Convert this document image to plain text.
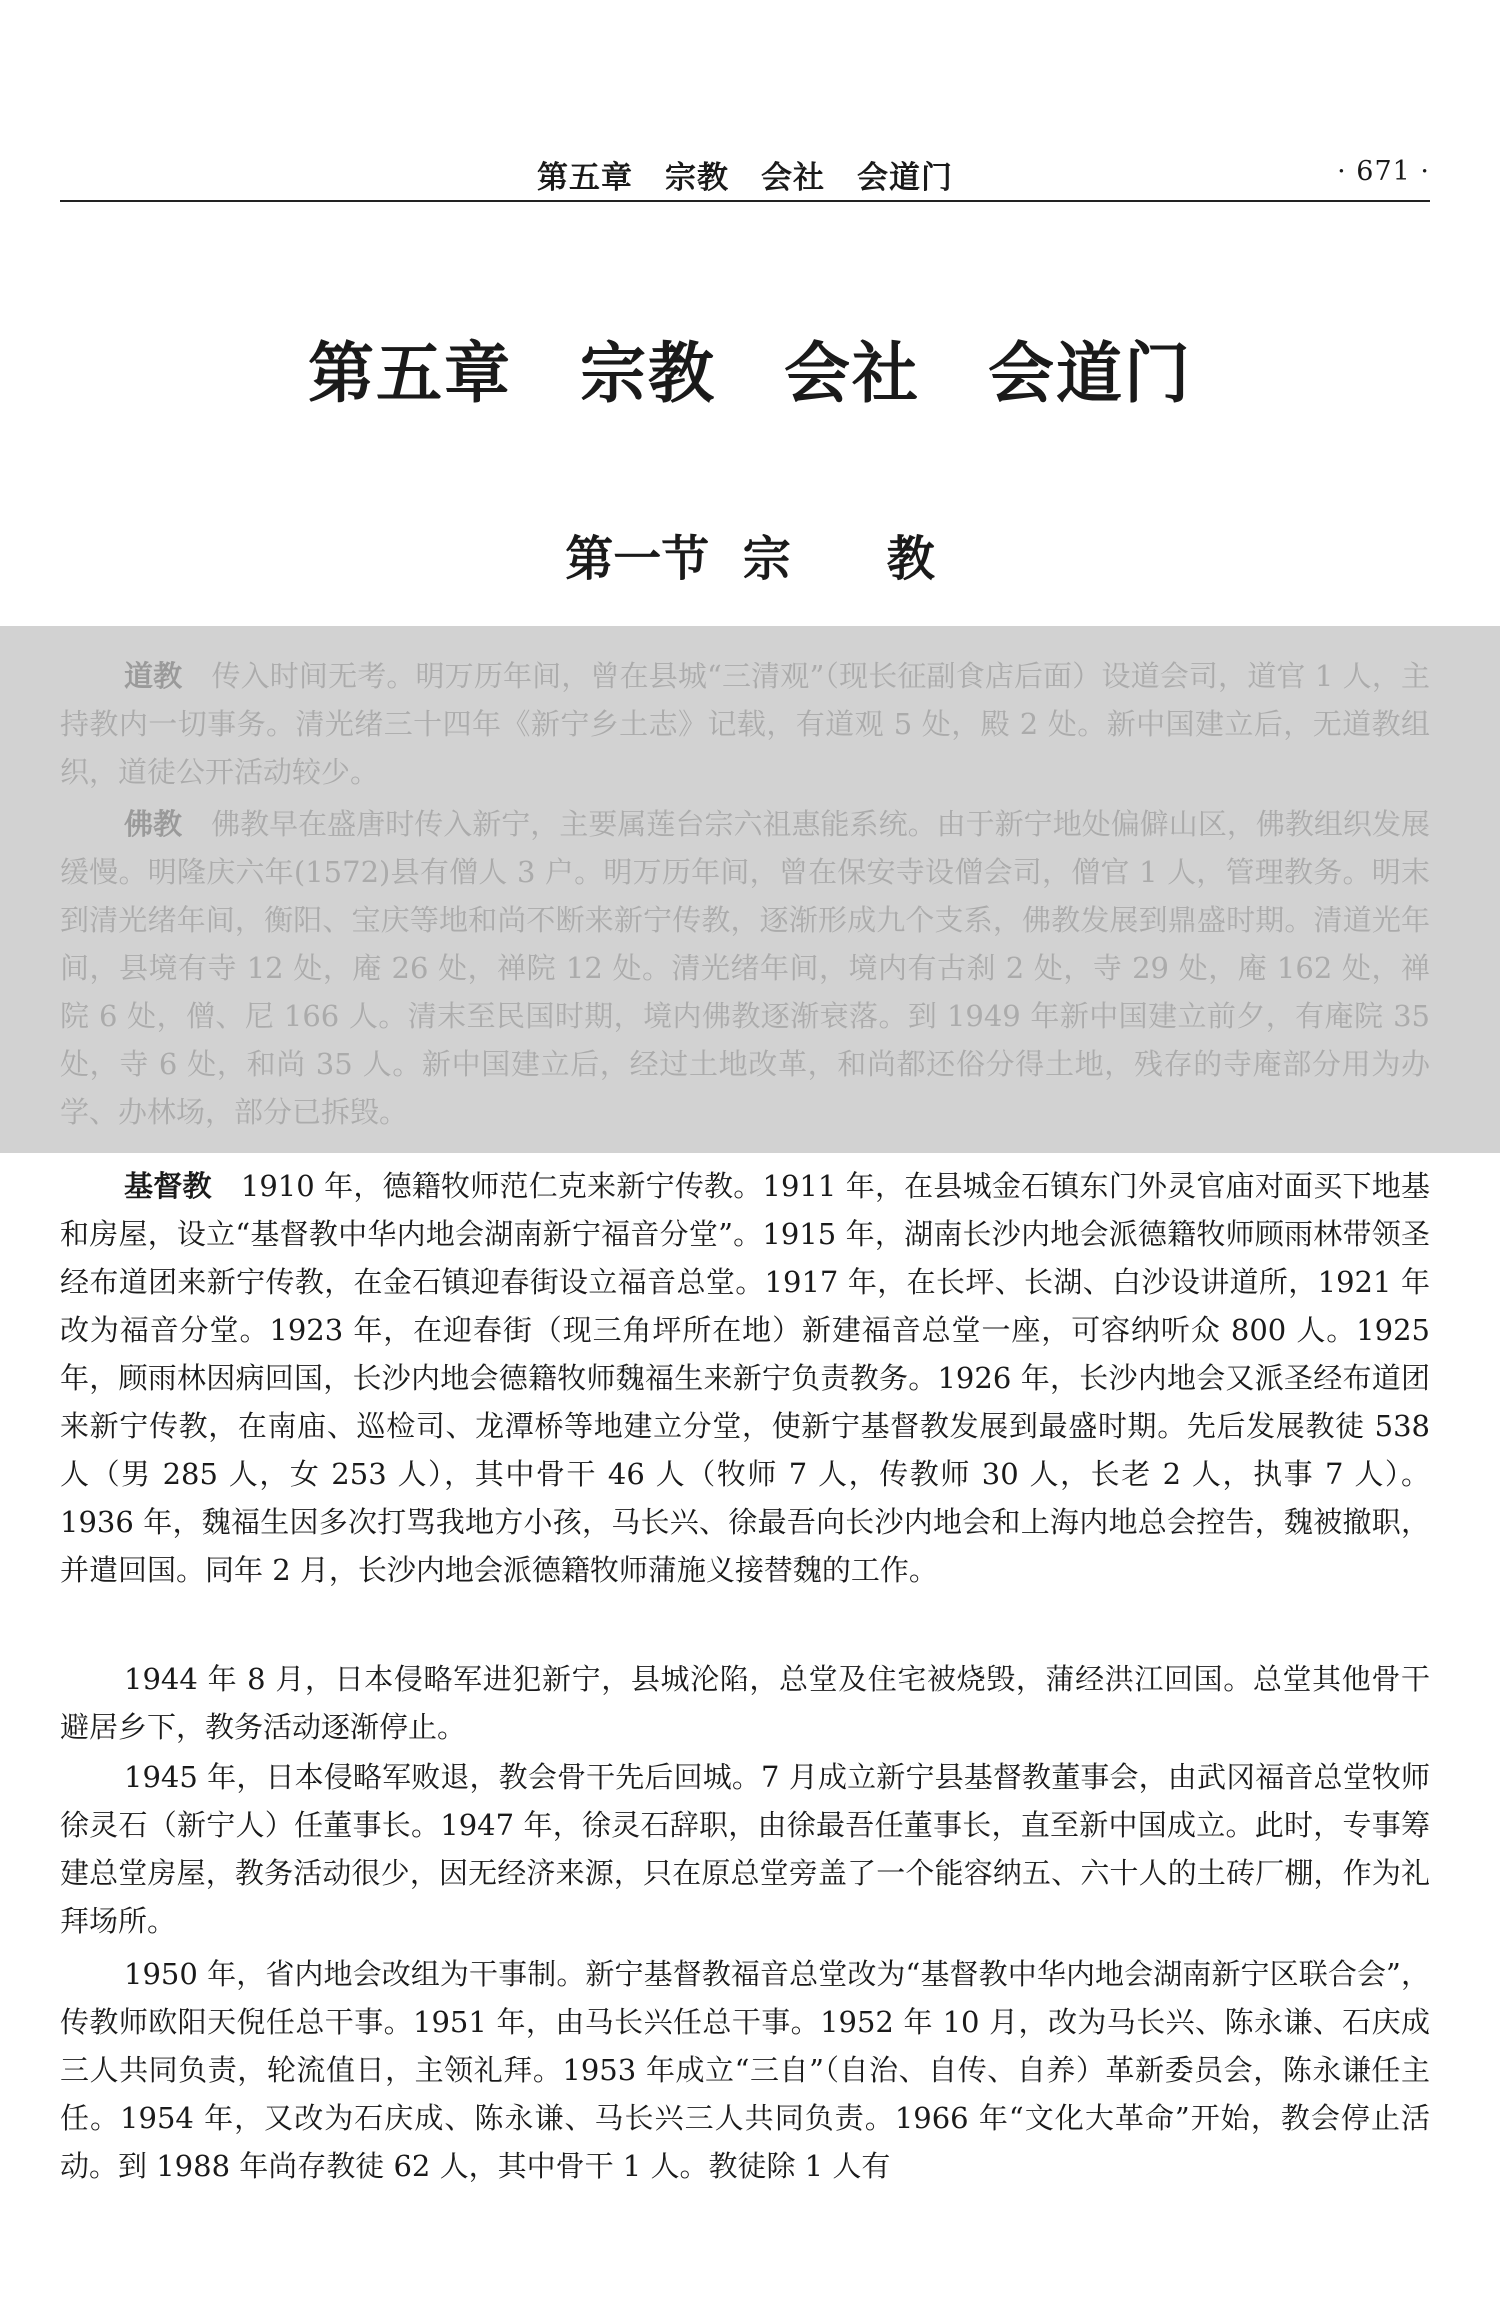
第五章　宗教　会社　会道门	· 671 ·
第五章　宗教　会社　会道门
第一节  宗　　教

道教　传入时间无考。明万历年间，曾在县城“三清观”（现长征副食店后面）设道会司，道官 1 人，主持教内一切事务。清光绪三十四年《新宁乡土志》记载，有道观 5 处，殿 2 处。新中国建立后，无道教组织，道徒公开活动较少。

佛教　佛教早在盛唐时传入新宁，主要属莲台宗六祖惠能系统。由于新宁地处偏僻山区，佛教组织发展缓慢。明隆庆六年(1572)县有僧人 3 户。明万历年间，曾在保安寺设僧会司，僧官 1 人，管理教务。明末到清光绪年间，衡阳、宝庆等地和尚不断来新宁传教，逐渐形成九个支系，佛教发展到鼎盛时期。清道光年间，县境有寺 12 处，庵 26 处，禅院 12 处。清光绪年间，境内有古刹 2 处，寺 29 处，庵 162 处，禅院 6 处，僧、尼 166 人。清末至民国时期，境内佛教逐渐衰落。到 1949 年新中国建立前夕，有庵院 35 处，寺 6 处，和尚 35 人。新中国建立后，经过土地改革，和尚都还俗分得土地，残存的寺庵部分用为办学、办林场，部分已拆毁。

基督教　1910 年，德籍牧师范仁克来新宁传教。1911 年，在县城金石镇东门外灵官庙对面买下地基和房屋，设立“基督教中华内地会湖南新宁福音分堂”。1915 年，湖南长沙内地会派德籍牧师顾雨林带领圣经布道团来新宁传教，在金石镇迎春街设立福音总堂。1917 年，在长坪、长湖、白沙设讲道所，1921 年改为福音分堂。1923 年，在迎春街（现三角坪所在地）新建福音总堂一座，可容纳听众 800 人。1925 年，顾雨林因病回国，长沙内地会德籍牧师魏福生来新宁负责教务。1926 年，长沙内地会又派圣经布道团来新宁传教，在南庙、巡检司、龙潭桥等地建立分堂，使新宁基督教发展到最盛时期。先后发展教徒 538 人（男 285 人，女 253 人），其中骨干 46 人（牧师 7 人，传教师 30 人，长老 2 人，执事 7 人）。1936 年，魏福生因多次打骂我地方小孩，马长兴、徐最吾向长沙内地会和上海内地总会控告，魏被撤职，并遣回国。同年 2 月，长沙内地会派德籍牧师蒲施义接替魏的工作。

1944 年 8 月，日本侵略军进犯新宁，县城沦陷，总堂及住宅被烧毁，蒲经洪江回国。总堂其他骨干避居乡下，教务活动逐渐停止。

1945 年，日本侵略军败退，教会骨干先后回城。7 月成立新宁县基督教董事会，由武冈福音总堂牧师徐灵石（新宁人）任董事长。1947 年，徐灵石辞职，由徐最吾任董事长，直至新中国成立。此时，专事筹建总堂房屋，教务活动很少，因无经济来源，只在原总堂旁盖了一个能容纳五、六十人的土砖厂棚，作为礼拜场所。

1950 年，省内地会改组为干事制。新宁基督教福音总堂改为“基督教中华内地会湖南新宁区联合会”，传教师欧阳天倪任总干事。1951 年，由马长兴任总干事。1952 年 10 月，改为马长兴、陈永谦、石庆成三人共同负责，轮流值日，主领礼拜。1953 年成立“三自”（自治、自传、自养）革新委员会，陈永谦任主任。1954 年，又改为石庆成、陈永谦、马长兴三人共同负责。1966 年“文化大革命”开始，教会停止活动。到 1988 年尚存教徒 62 人，其中骨干 1 人。教徒除 1 人有
